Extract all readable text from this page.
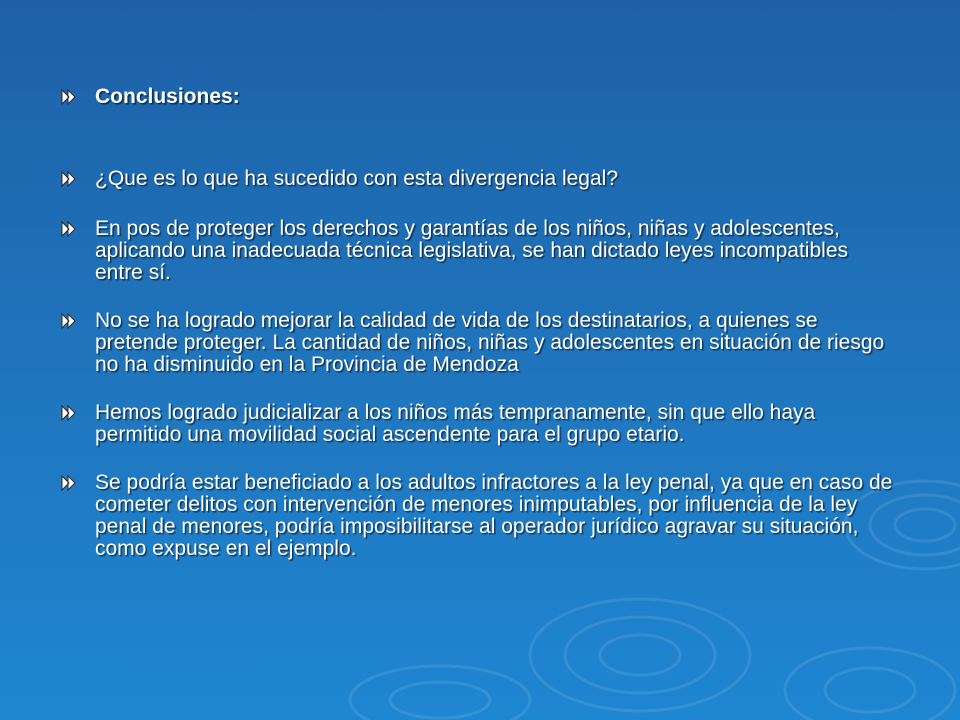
Conclusiones:
¿Que es lo que ha sucedido con esta divergencia legal?
En pos de proteger los derechos y garantías de los niños, niñas y adolescentes, aplicando una inadecuada técnica legislativa, se han dictado leyes incompatibles entre sí.
No se ha logrado mejorar la calidad de vida de los destinatarios, a quienes se pretende proteger. La cantidad de niños, niñas y adolescentes en situación de riesgo no ha disminuido en la Provincia de Mendoza
Hemos logrado judicializar a los niños más tempranamente, sin que ello haya permitido una movilidad social ascendente para el grupo etario.
Se podría estar beneficiado a los adultos infractores a la ley penal, ya que en caso de cometer delitos con intervención de menores inimputables, por influencia de la ley penal de menores, podría imposibilitarse al operador jurídico agravar su situación, como expuse en el ejemplo.
